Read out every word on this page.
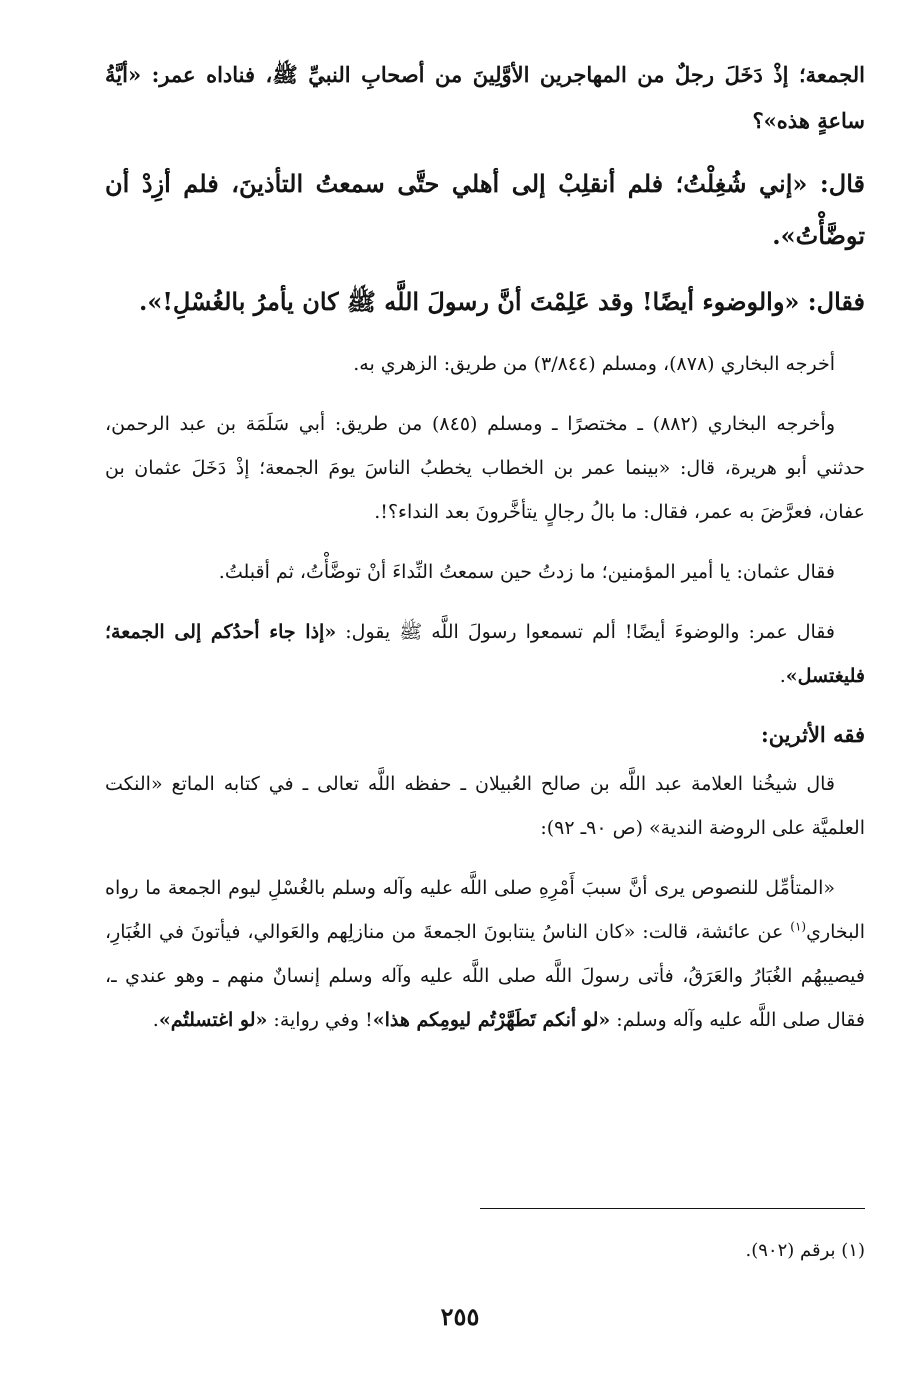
الجمعة؛ إذْ دَخَلَ رجلٌ من المهاجرين الأوَّلِينَ من أصحابِ النبيِّ ﷺ، فناداه عمر: «أيَّةُ ساعةٍ هذه»؟

قال: «إني شُغِلْتُ؛ فلم أنقلِبْ إلى أهلي حتَّى سمعتُ التأذينَ، فلم أزِدْ أن توضَّأْتُ».

فقال: «والوضوء أيضًا! وقد عَلِمْتَ أنَّ رسولَ اللَّه ﷺ كان يأمرُ بالغُسْلِ!».

أخرجه البخاري (٨٧٨)، ومسلم (٣/٨٤٤) من طريق: الزهري به.

وأخرجه البخاري (٨٨٢) ـ مختصرًا ـ ومسلم (٨٤٥) من طريق: أبي سَلَمَة بن عبد الرحمن، حدثني أبو هريرة، قال: «بينما عمر بن الخطاب يخطبُ الناسَ يومَ الجمعة؛ إذْ دَخَلَ عثمان بن عفان، فعرَّضَ به عمر، فقال: ما بالُ رجالٍ يتأخَّرونَ بعد النداء؟!.

فقال عثمان: يا أمير المؤمنين؛ ما زدتُ حين سمعتُ النِّداءَ أنْ توضَّأْتُ، ثم أقبلتُ.

فقال عمر: والوضوءَ أيضًا! ألم تسمعوا رسولَ اللَّه ﷺ يقول: «إذا جاء أحدُكم إلى الجمعة؛ فليغتسل».

فقه الأثرين:

قال شيخُنا العلامة عبد اللَّه بن صالح العُبيلان ـ حفظه اللَّه تعالى ـ في كتابه الماتع «النكت العلميَّة على الروضة الندية» (ص ٩٠ـ ٩٢):

«المتأمِّل للنصوص يرى أنَّ سببَ أَمْرِهِ صلى اللَّه عليه وآله وسلم بالغُسْلِ ليوم الجمعة ما رواه البخاري$^{(١)}$ عن عائشة، قالت: «كان الناسُ ينتابونَ الجمعةَ من منازلِهم والعَوالي، فيأتونَ في الغُبَارِ، فيصيبهُم الغُبَارُ والعَرَقُ، فأتى رسولَ اللَّه صلى اللَّه عليه وآله وسلم إنسانٌ منهم ـ وهو عندي ـ، فقال صلى اللَّه عليه وآله وسلم: «لو أنكم تَطَهَّرْتُم ليومِكم هذا»! وفي رواية: «لو اغتسلتُم».

(١) برقم (٩٠٢).

٢٥٥
